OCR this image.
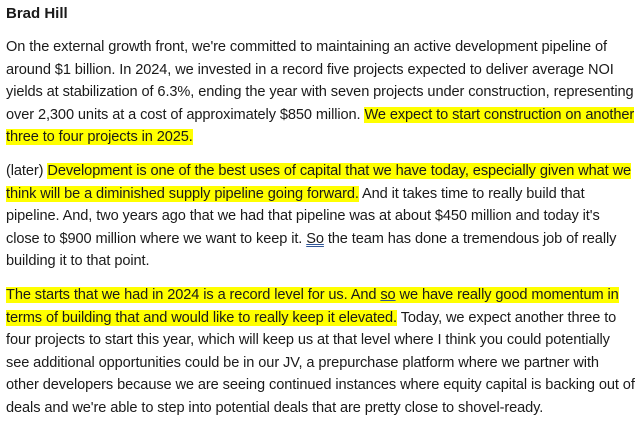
Brad Hill

On the external growth front, we're committed to maintaining an active development pipeline of around $1 billion. In 2024, we invested in a record five projects expected to deliver average NOI yields at stabilization of 6.3%, ending the year with seven projects under construction, representing over 2,300 units at a cost of approximately $850 million. We expect to start construction on another three to four projects in 2025.

(later) Development is one of the best uses of capital that we have today, especially given what we think will be a diminished supply pipeline going forward. And it takes time to really build that pipeline. And, two years ago that we had that pipeline was at about $450 million and today it's close to $900 million where we want to keep it. So the team has done a tremendous job of really building it to that point.

The starts that we had in 2024 is a record level for us. And so we have really good momentum in terms of building that and would like to really keep it elevated. Today, we expect another three to four projects to start this year, which will keep us at that level where I think you could potentially see additional opportunities could be in our JV, a prepurchase platform where we partner with other developers because we are seeing continued instances where equity capital is backing out of deals and we're able to step into potential deals that are pretty close to shovel-ready.
